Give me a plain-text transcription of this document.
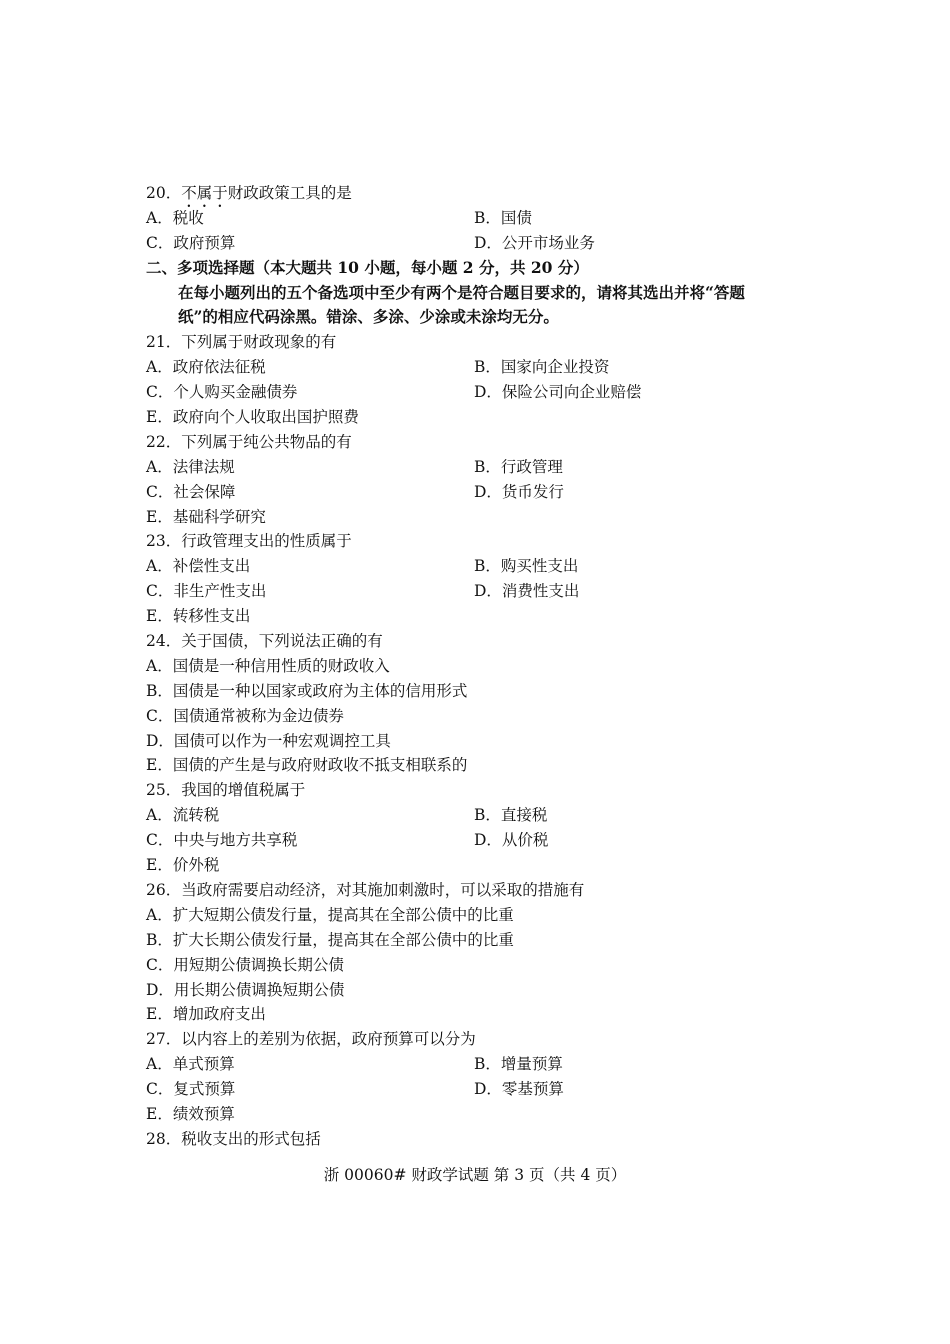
20．不属于财政政策工具的是
A．税收	B．国债
C．政府预算	D．公开市场业务
二、多项选择题（本大题共 10 小题，每小题 2 分，共 20 分）
在每小题列出的五个备选项中至少有两个是符合题目要求的，请将其选出并将“答题
纸”的相应代码涂黑。错涂、多涂、少涂或未涂均无分。
21．下列属于财政现象的有
A．政府依法征税	B．国家向企业投资
C．个人购买金融债券	D．保险公司向企业赔偿
E．政府向个人收取出国护照费
22．下列属于纯公共物品的有
A．法律法规	B．行政管理
C．社会保障	D．货币发行
E．基础科学研究
23．行政管理支出的性质属于
A．补偿性支出	B．购买性支出
C．非生产性支出	D．消费性支出
E．转移性支出
24．关于国债，下列说法正确的有
A．国债是一种信用性质的财政收入
B．国债是一种以国家或政府为主体的信用形式
C．国债通常被称为金边债券
D．国债可以作为一种宏观调控工具
E．国债的产生是与政府财政收不抵支相联系的
25．我国的增值税属于
A．流转税	B．直接税
C．中央与地方共享税	D．从价税
E．价外税
26．当政府需要启动经济，对其施加刺激时，可以采取的措施有
A．扩大短期公债发行量，提高其在全部公债中的比重
B．扩大长期公债发行量，提高其在全部公债中的比重
C．用短期公债调换长期公债
D．用长期公债调换短期公债
E．增加政府支出
27．以内容上的差别为依据，政府预算可以分为
A．单式预算	B．增量预算
C．复式预算	D．零基预算
E．绩效预算
28．税收支出的形式包括
浙 00060# 财政学试题 第 3 页（共 4 页）
